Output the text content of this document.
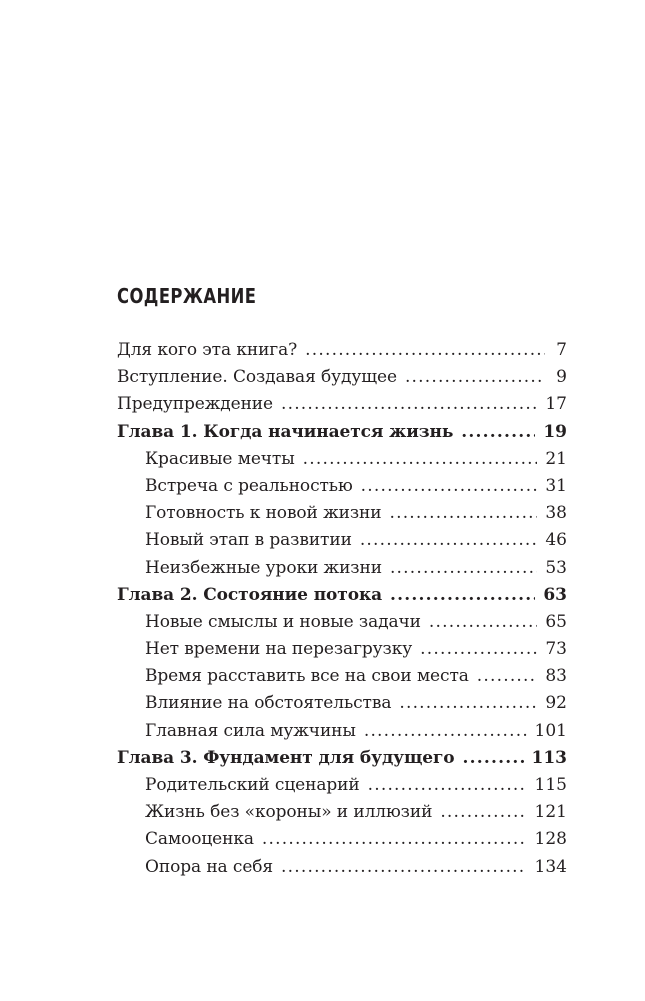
СОДЕРЖАНИЕ
Для кого эта книга? .....	7
Вступление. Создавая будущее .....	9
Предупреждение .....	17
Глава 1. Когда начинается жизнь .....	19
Красивые мечты .....	21
Встреча с реальностью .....	31
Готовность к новой жизни .....	38
Новый этап в развитии .....	46
Неизбежные уроки жизни .....	53
Глава 2. Состояние потока .....	63
Новые смыслы и новые задачи .....	65
Нет времени на перезагрузку .....	73
Время расставить все на свои места .....	83
Влияние на обстоятельства .....	92
Главная сила мужчины .....	101
Глава 3. Фундамент для будущего .....	113
Родительский сценарий .....	115
Жизнь без «короны» и иллюзий .....	121
Самооценка .....	128
Опора на себя .....	134
